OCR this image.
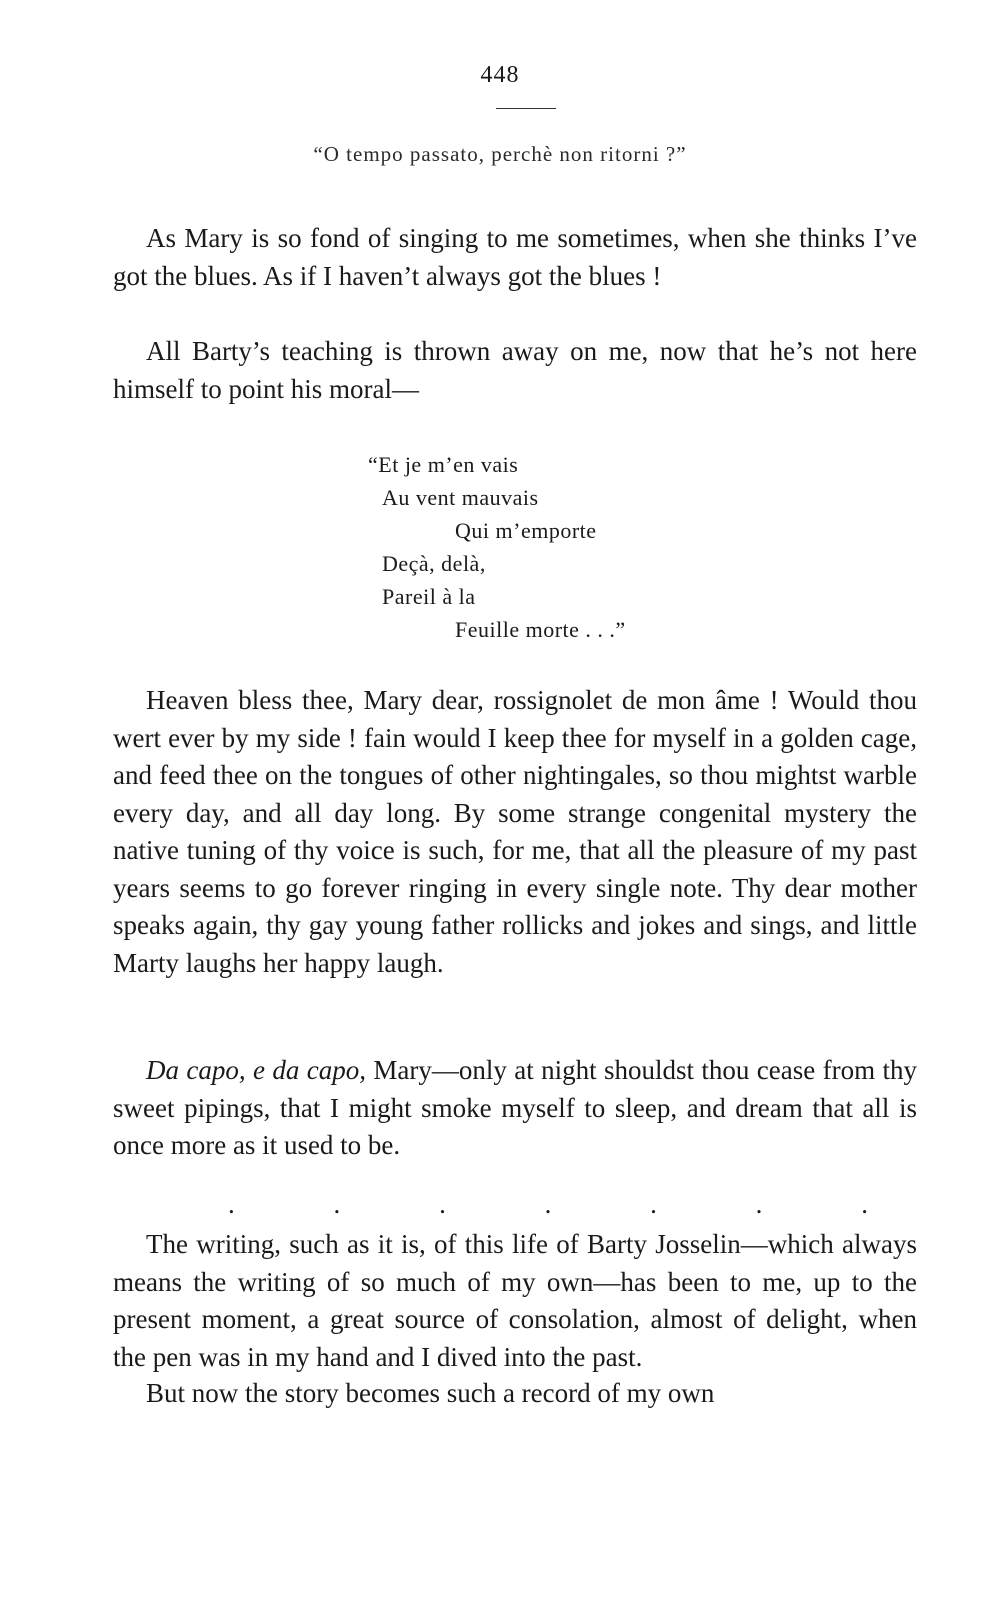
448
“O tempo passato, perchè non ritorni ?”

As Mary is so fond of singing to me sometimes, when she thinks I’ve got the blues. As if I haven’t always got the blues !

All Barty’s teaching is thrown away on me, now that he’s not here himself to point his moral—

“Et je m’en vais
Au vent mauvais
Qui m’emporte
Deçà, delà,
Pareil à la
Feuille morte . . .”

Heaven bless thee, Mary dear, rossignolet de mon âme ! Would thou wert ever by my side ! fain would I keep thee for myself in a golden cage, and feed thee on the tongues of other nightingales, so thou mightst warble every day, and all day long. By some strange congenital mystery the native tuning of thy voice is such, for me, that all the pleasure of my past years seems to go forever ringing in every single note. Thy dear mother speaks again, thy gay young father rollicks and jokes and sings, and little Marty laughs her happy laugh.

Da capo, e da capo, Mary—only at night shouldst thou cease from thy sweet pipings, that I might smoke myself to sleep, and dream that all is once more as it used to be.

.	.	.	.	.	.	.

The writing, such as it is, of this life of Barty Josselin—which always means the writing of so much of my own—has been to me, up to the present moment, a great source of consolation, almost of delight, when the pen was in my hand and I dived into the past.

But now the story becomes such a record of my own
